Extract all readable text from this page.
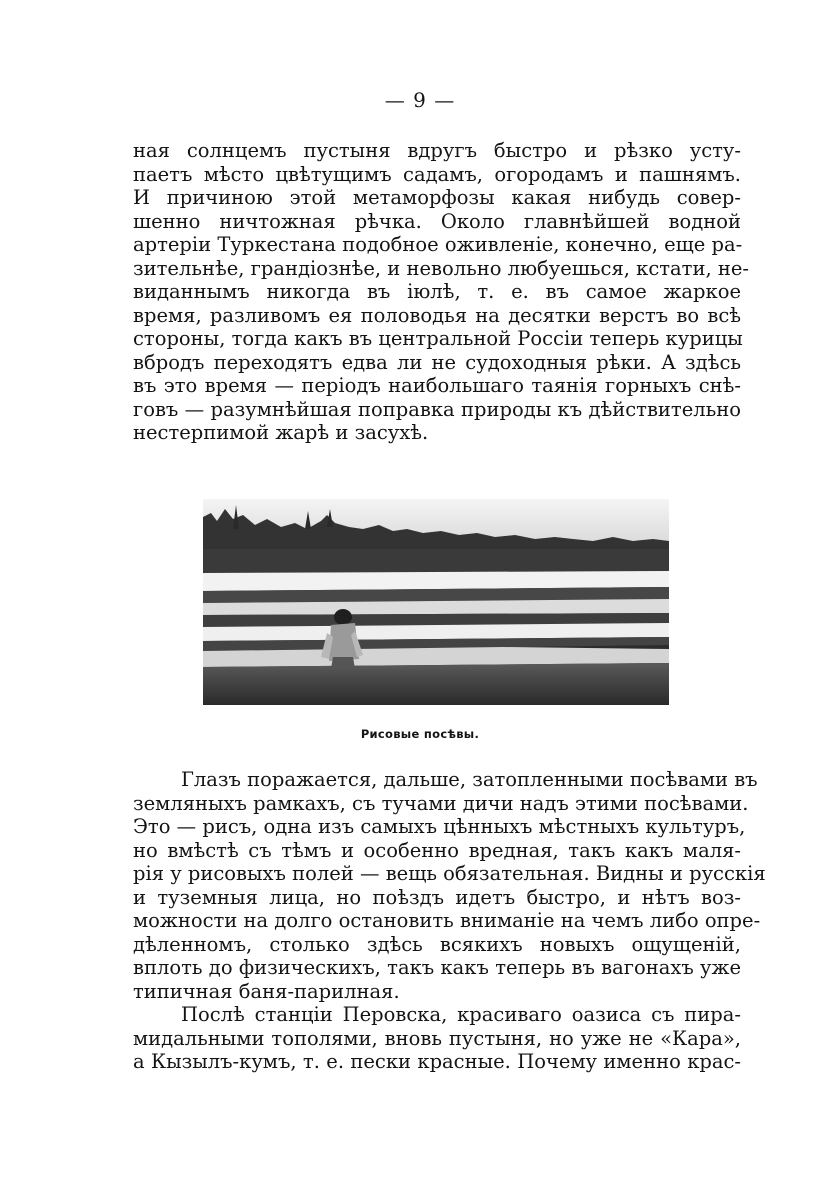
— 9 —
ная солнцемъ пустыня вдругъ быстро и рѣзко усту-
паетъ мѣсто цвѣтущимъ садамъ, огородамъ и пашнямъ.
И причиною этой метаморфозы какая нибудь совер-
шенно ничтожная рѣчка. Около главнѣйшей водной
артеріи Туркестана подобное оживленіе, конечно, еще ра-
зительнѣе, грандіознѣе, и невольно любуешься, кстати, не-
виданнымъ никогда въ іюлѣ, т. е. въ самое жаркое
время, разливомъ ея половодья на десятки верстъ во всѣ
стороны, тогда какъ въ центральной Россіи теперь курицы
вбродъ переходятъ едва ли не судоходныя рѣки. А здѣсь
въ это время — періодъ наибольшаго таянія горныхъ снѣ-
говъ — разумнѣйшая поправка природы къ дѣйствительно
нестерпимой жарѣ и засухѣ.
Рисовые посѣвы.
Глазъ поражается, дальше, затопленными посѣвами въ
земляныхъ рамкахъ, съ тучами дичи надъ этими посѣвами.
Это — рисъ, одна изъ самыхъ цѣнныхъ мѣстныхъ культуръ,
но вмѣстѣ съ тѣмъ и особенно вредная, такъ какъ маля-
рія у рисовыхъ полей — вещь обязательная. Видны и русскія
и туземныя лица, но поѣздъ идетъ быстро, и нѣтъ воз-
можности на долго остановить вниманіе на чемъ либо опре-
дѣленномъ, столько здѣсь всякихъ новыхъ ощущеній,
вплоть до физическихъ, такъ какъ теперь въ вагонахъ уже
типичная баня-парилная.
Послѣ станціи Перовска, красиваго оазиса съ пира-
мидальными тополями, вновь пустыня, но уже не «Кара»,
а Кызылъ-кумъ, т. е. пески красные. Почему именно крас-
